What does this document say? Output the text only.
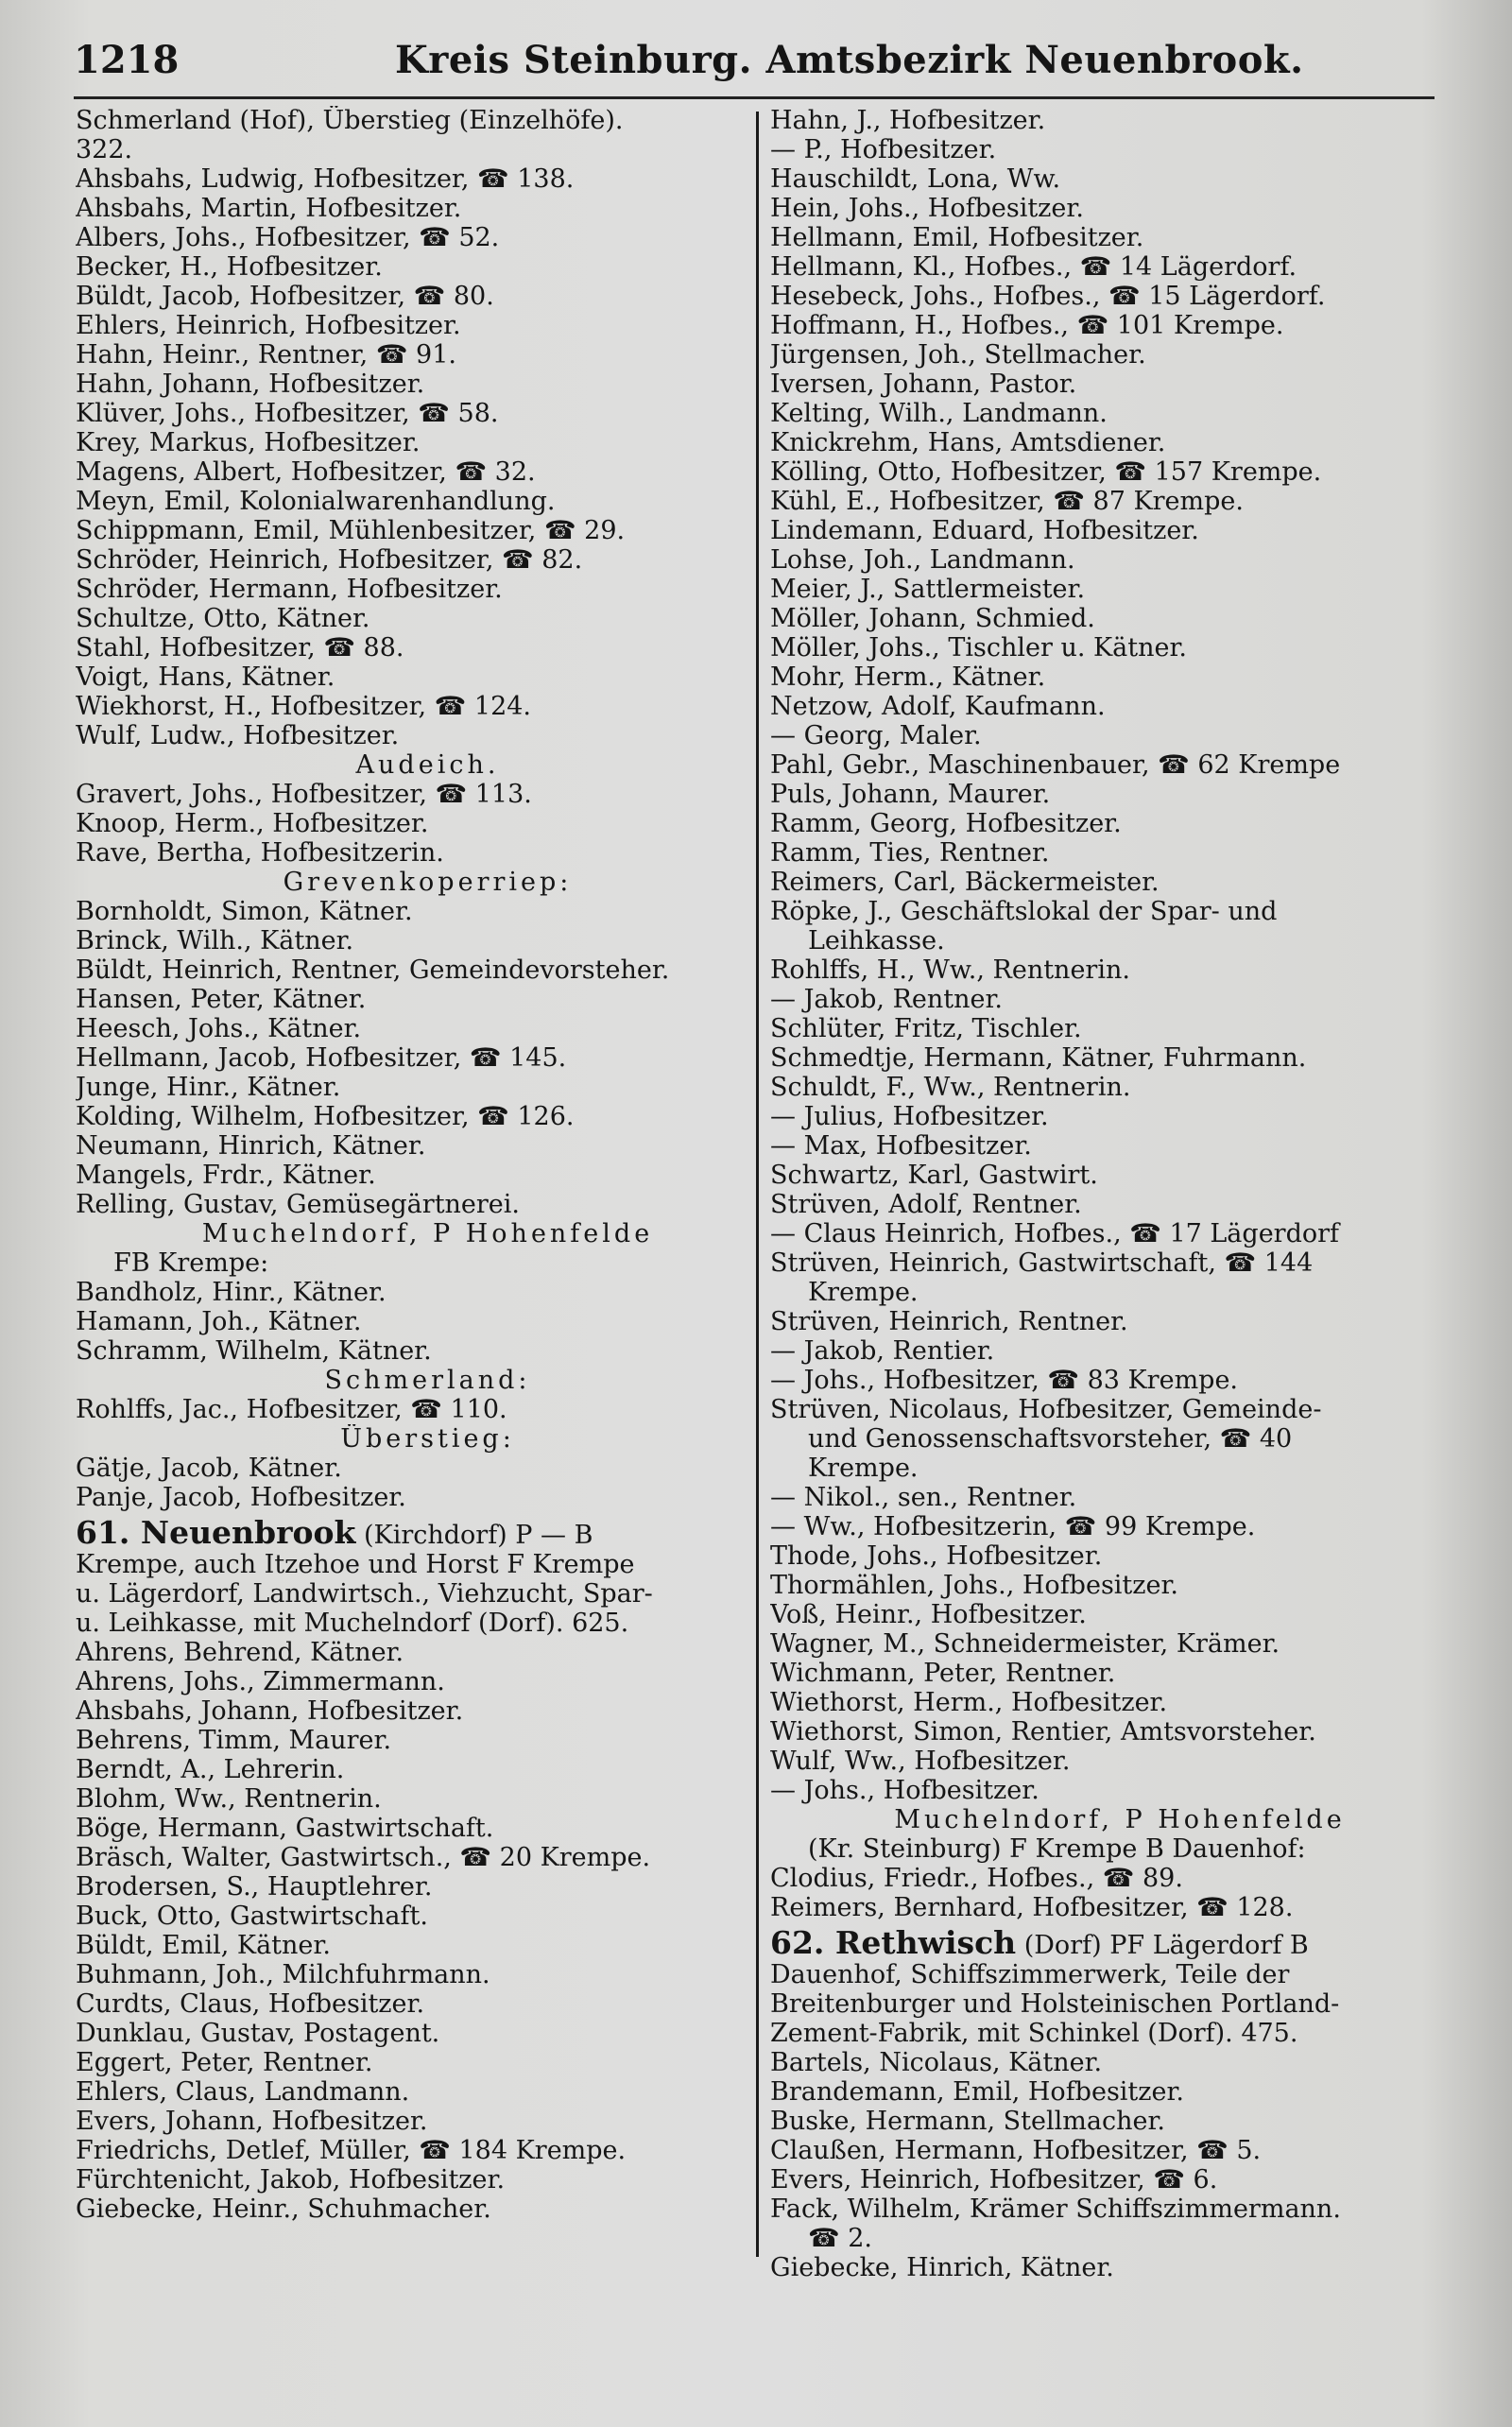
1218	Kreis Steinburg. Amtsbezirk Neuenbrook.
Schmerland (Hof), Überstieg (Einzelhöfe).
322.
Ahsbahs, Ludwig, Hofbesitzer, ☎ 138.
Ahsbahs, Martin, Hofbesitzer.
Albers, Johs., Hofbesitzer, ☎ 52.
Becker, H., Hofbesitzer.
Büldt, Jacob, Hofbesitzer, ☎ 80.
Ehlers, Heinrich, Hofbesitzer.
Hahn, Heinr., Rentner, ☎ 91.
Hahn, Johann, Hofbesitzer.
Klüver, Johs., Hofbesitzer, ☎ 58.
Krey, Markus, Hofbesitzer.
Magens, Albert, Hofbesitzer, ☎ 32.
Meyn, Emil, Kolonialwarenhandlung.
Schippmann, Emil, Mühlenbesitzer, ☎ 29.
Schröder, Heinrich, Hofbesitzer, ☎ 82.
Schröder, Hermann, Hofbesitzer.
Schultze, Otto, Kätner.
Stahl, Hofbesitzer, ☎ 88.
Voigt, Hans, Kätner.
Wiekhorst, H., Hofbesitzer, ☎ 124.
Wulf, Ludw., Hofbesitzer.
Audeich.
Gravert, Johs., Hofbesitzer, ☎ 113.
Knoop, Herm., Hofbesitzer.
Rave, Bertha, Hofbesitzerin.
Grevenkoperriep:
Bornholdt, Simon, Kätner.
Brinck, Wilh., Kätner.
Büldt, Heinrich, Rentner, Gemeindevorsteher.
Hansen, Peter, Kätner.
Heesch, Johs., Kätner.
Hellmann, Jacob, Hofbesitzer, ☎ 145.
Junge, Hinr., Kätner.
Kolding, Wilhelm, Hofbesitzer, ☎ 126.
Neumann, Hinrich, Kätner.
Mangels, Frdr., Kätner.
Relling, Gustav, Gemüsegärtnerei.
Muchelndorf, P Hohenfelde
FB Krempe:
Bandholz, Hinr., Kätner.
Hamann, Joh., Kätner.
Schramm, Wilhelm, Kätner.
Schmerland:
Rohlffs, Jac., Hofbesitzer, ☎ 110.
Überstieg:
Gätje, Jacob, Kätner.
Panje, Jacob, Hofbesitzer.
61. Neuenbrook (Kirchdorf) P — B
Krempe, auch Itzehoe und Horst F Krempe
u. Lägerdorf, Landwirtsch., Viehzucht, Spar-
u. Leihkasse, mit Muchelndorf (Dorf). 625.
Ahrens, Behrend, Kätner.
Ahrens, Johs., Zimmermann.
Ahsbahs, Johann, Hofbesitzer.
Behrens, Timm, Maurer.
Berndt, A., Lehrerin.
Blohm, Ww., Rentnerin.
Böge, Hermann, Gastwirtschaft.
Bräsch, Walter, Gastwirtsch., ☎ 20 Krempe.
Brodersen, S., Hauptlehrer.
Buck, Otto, Gastwirtschaft.
Büldt, Emil, Kätner.
Buhmann, Joh., Milchfuhrmann.
Curdts, Claus, Hofbesitzer.
Dunklau, Gustav, Postagent.
Eggert, Peter, Rentner.
Ehlers, Claus, Landmann.
Evers, Johann, Hofbesitzer.
Friedrichs, Detlef, Müller, ☎ 184 Krempe.
Fürchtenicht, Jakob, Hofbesitzer.
Giebecke, Heinr., Schuhmacher.
Hahn, J., Hofbesitzer.
— P., Hofbesitzer.
Hauschildt, Lona, Ww.
Hein, Johs., Hofbesitzer.
Hellmann, Emil, Hofbesitzer.
Hellmann, Kl., Hofbes., ☎ 14 Lägerdorf.
Hesebeck, Johs., Hofbes., ☎ 15 Lägerdorf.
Hoffmann, H., Hofbes., ☎ 101 Krempe.
Jürgensen, Joh., Stellmacher.
Iversen, Johann, Pastor.
Kelting, Wilh., Landmann.
Knickrehm, Hans, Amtsdiener.
Kölling, Otto, Hofbesitzer, ☎ 157 Krempe.
Kühl, E., Hofbesitzer, ☎ 87 Krempe.
Lindemann, Eduard, Hofbesitzer.
Lohse, Joh., Landmann.
Meier, J., Sattlermeister.
Möller, Johann, Schmied.
Möller, Johs., Tischler u. Kätner.
Mohr, Herm., Kätner.
Netzow, Adolf, Kaufmann.
— Georg, Maler.
Pahl, Gebr., Maschinenbauer, ☎ 62 Krempe
Puls, Johann, Maurer.
Ramm, Georg, Hofbesitzer.
Ramm, Ties, Rentner.
Reimers, Carl, Bäckermeister.
Röpke, J., Geschäftslokal der Spar- und
Leihkasse.
Rohlffs, H., Ww., Rentnerin.
— Jakob, Rentner.
Schlüter, Fritz, Tischler.
Schmedtje, Hermann, Kätner, Fuhrmann.
Schuldt, F., Ww., Rentnerin.
— Julius, Hofbesitzer.
— Max, Hofbesitzer.
Schwartz, Karl, Gastwirt.
Strüven, Adolf, Rentner.
— Claus Heinrich, Hofbes., ☎ 17 Lägerdorf
Strüven, Heinrich, Gastwirtschaft, ☎ 144
Krempe.
Strüven, Heinrich, Rentner.
— Jakob, Rentier.
— Johs., Hofbesitzer, ☎ 83 Krempe.
Strüven, Nicolaus, Hofbesitzer, Gemeinde-
und Genossenschaftsvorsteher, ☎ 40
Krempe.
— Nikol., sen., Rentner.
— Ww., Hofbesitzerin, ☎ 99 Krempe.
Thode, Johs., Hofbesitzer.
Thormählen, Johs., Hofbesitzer.
Voß, Heinr., Hofbesitzer.
Wagner, M., Schneidermeister, Krämer.
Wichmann, Peter, Rentner.
Wiethorst, Herm., Hofbesitzer.
Wiethorst, Simon, Rentier, Amtsvorsteher.
Wulf, Ww., Hofbesitzer.
— Johs., Hofbesitzer.
Muchelndorf, P Hohenfelde
(Kr. Steinburg) F Krempe B Dauenhof:
Clodius, Friedr., Hofbes., ☎ 89.
Reimers, Bernhard, Hofbesitzer, ☎ 128.
62. Rethwisch (Dorf) PF Lägerdorf B
Dauenhof, Schiffszimmerwerk, Teile der
Breitenburger und Holsteinischen Portland-
Zement-Fabrik, mit Schinkel (Dorf). 475.
Bartels, Nicolaus, Kätner.
Brandemann, Emil, Hofbesitzer.
Buske, Hermann, Stellmacher.
Claußen, Hermann, Hofbesitzer, ☎ 5.
Evers, Heinrich, Hofbesitzer, ☎ 6.
Fack, Wilhelm, Krämer Schiffszimmermann.
☎ 2.
Giebecke, Hinrich, Kätner.
